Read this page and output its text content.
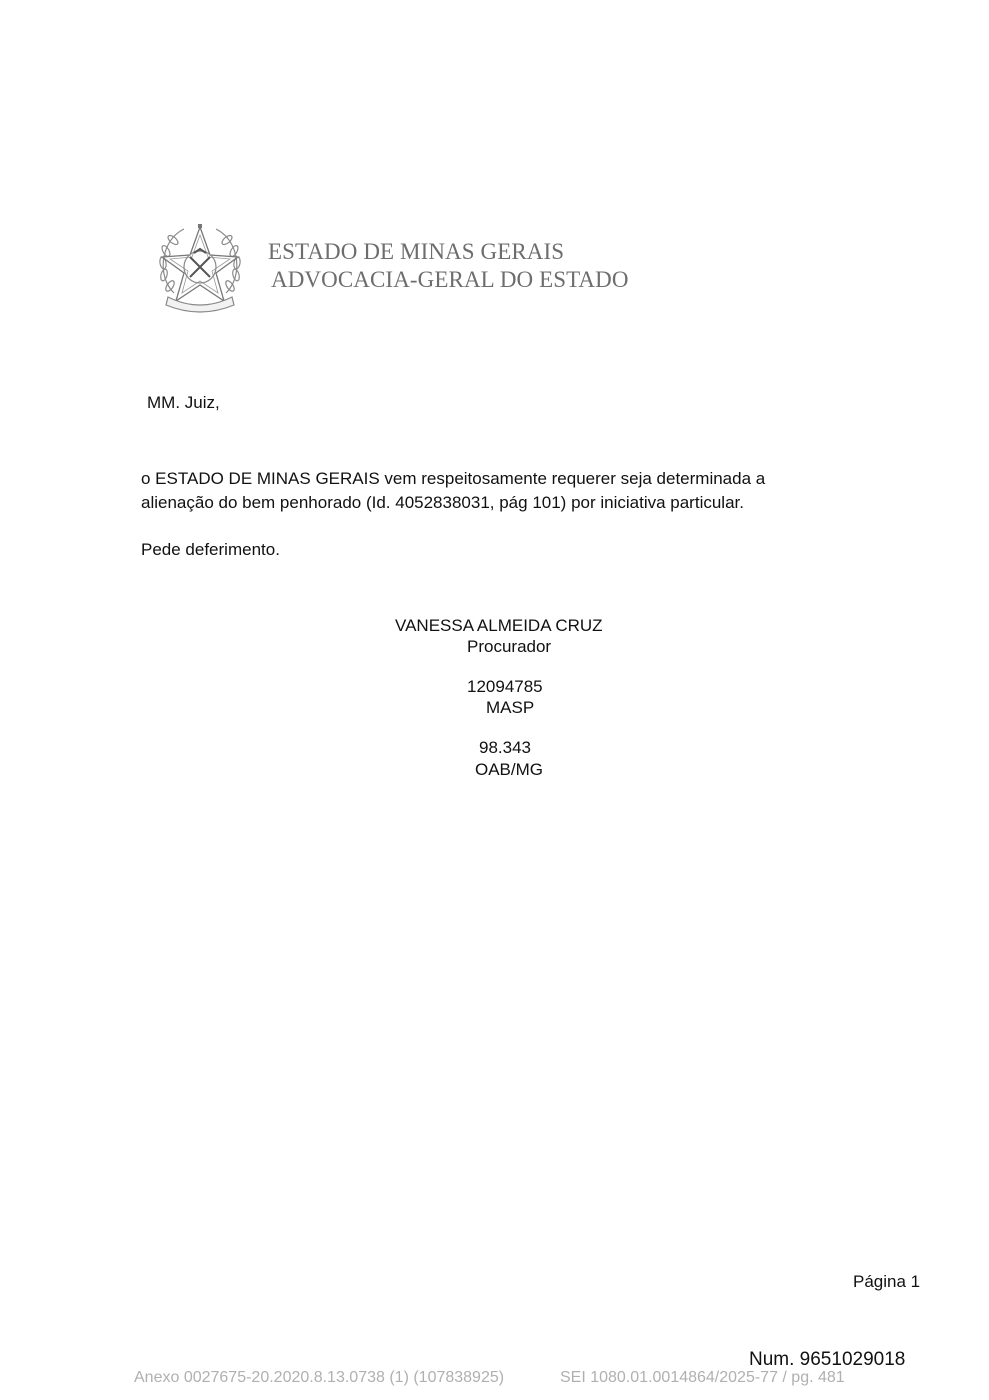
ESTADO DE MINAS GERAIS
ADVOCACIA-GERAL DO ESTADO
MM. Juiz,
o ESTADO DE MINAS GERAIS vem respeitosamente requerer seja determinada a
alienação do bem penhorado (Id. 4052838031, pág 101) por iniciativa particular.
Pede deferimento.
VANESSA ALMEIDA CRUZ
Procurador
12094785
MASP
98.343
OAB/MG
Página 1
Num. 9651029018
Anexo 0027675-20.2020.8.13.0738 (1) (107838925)	SEI 1080.01.0014864/2025-77 / pg. 481
